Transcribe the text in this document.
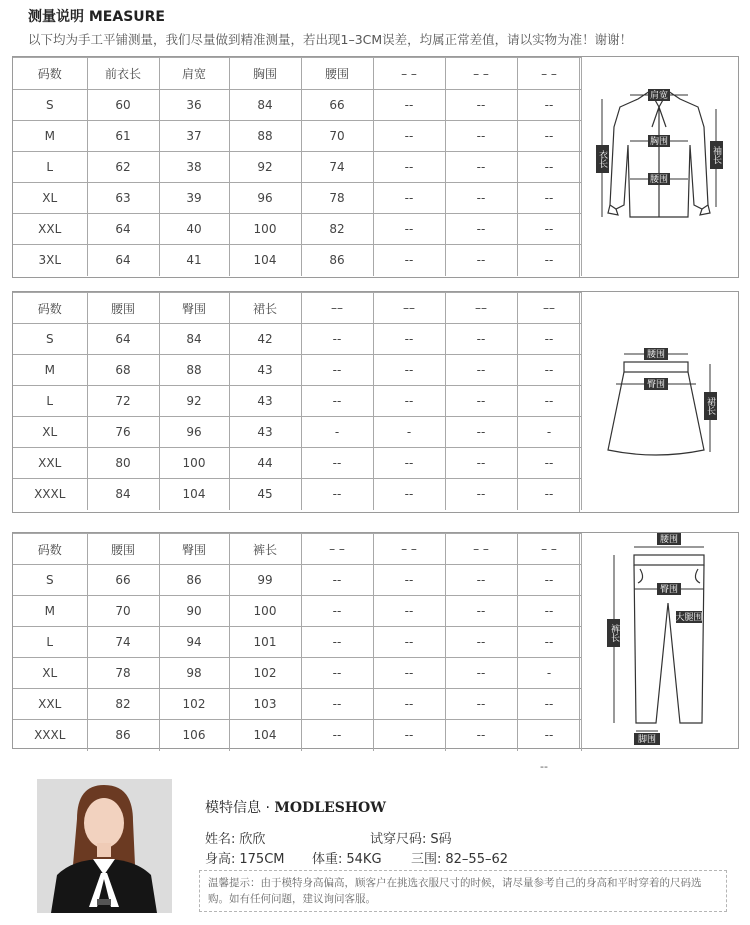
测量说明 MEASURE
以下均为手工平铺测量，我们尽量做到精准测量，若出现1–3CM误差，均属正常差值，请以实物为准！谢谢！
码数	前衣长	肩宽	胸围	腰围	– –	– –	– –
S	60	36	84	66	--	--	--
M	61	37	88	70	--	--	--
L	62	38	92	74	--	--	--
XL	63	39	96	78	--	--	--
XXL	64	40	100	82	--	--	--
3XL	64	41	104	86	--	--	--
肩宽
胸围
腰围
衣长	袖长
码数	腰围	臀围	裙长	––	––	––	––
S	64	84	42	--	--	--	--
M	68	88	43	--	--	--	--
L	72	92	43	--	--	--	--
XL	76	96	43	-	-	--	-
XXL	80	100	44	--	--	--	--
XXXL	84	104	45	--	--	--	--
腰围
臀围
裙长
码数	腰围	臀围	裤长	– –	– –	– –	– –
S	66	86	99	--	--	--	--
M	70	90	100	--	--	--	--
L	74	94	101	--	--	--	--
XL	78	98	102	--	--	--	-
XXL	82	102	103	--	--	--	--
XXXL	86	106	104	--	--	--	--
腰围
臀围
大腿围
裤长
脚围
--
模特信息 · MODLESHOW
姓名: 欣欣	试穿尺码: S码
身高: 175CM 体重: 54KG 三围: 82–55–62
温馨提示：由于模特身高偏高，顾客户在挑选衣服尺寸的时候，请尽量参考自己的身高和平时穿着的尺码选购。如有任何问题，建议询问客服。
